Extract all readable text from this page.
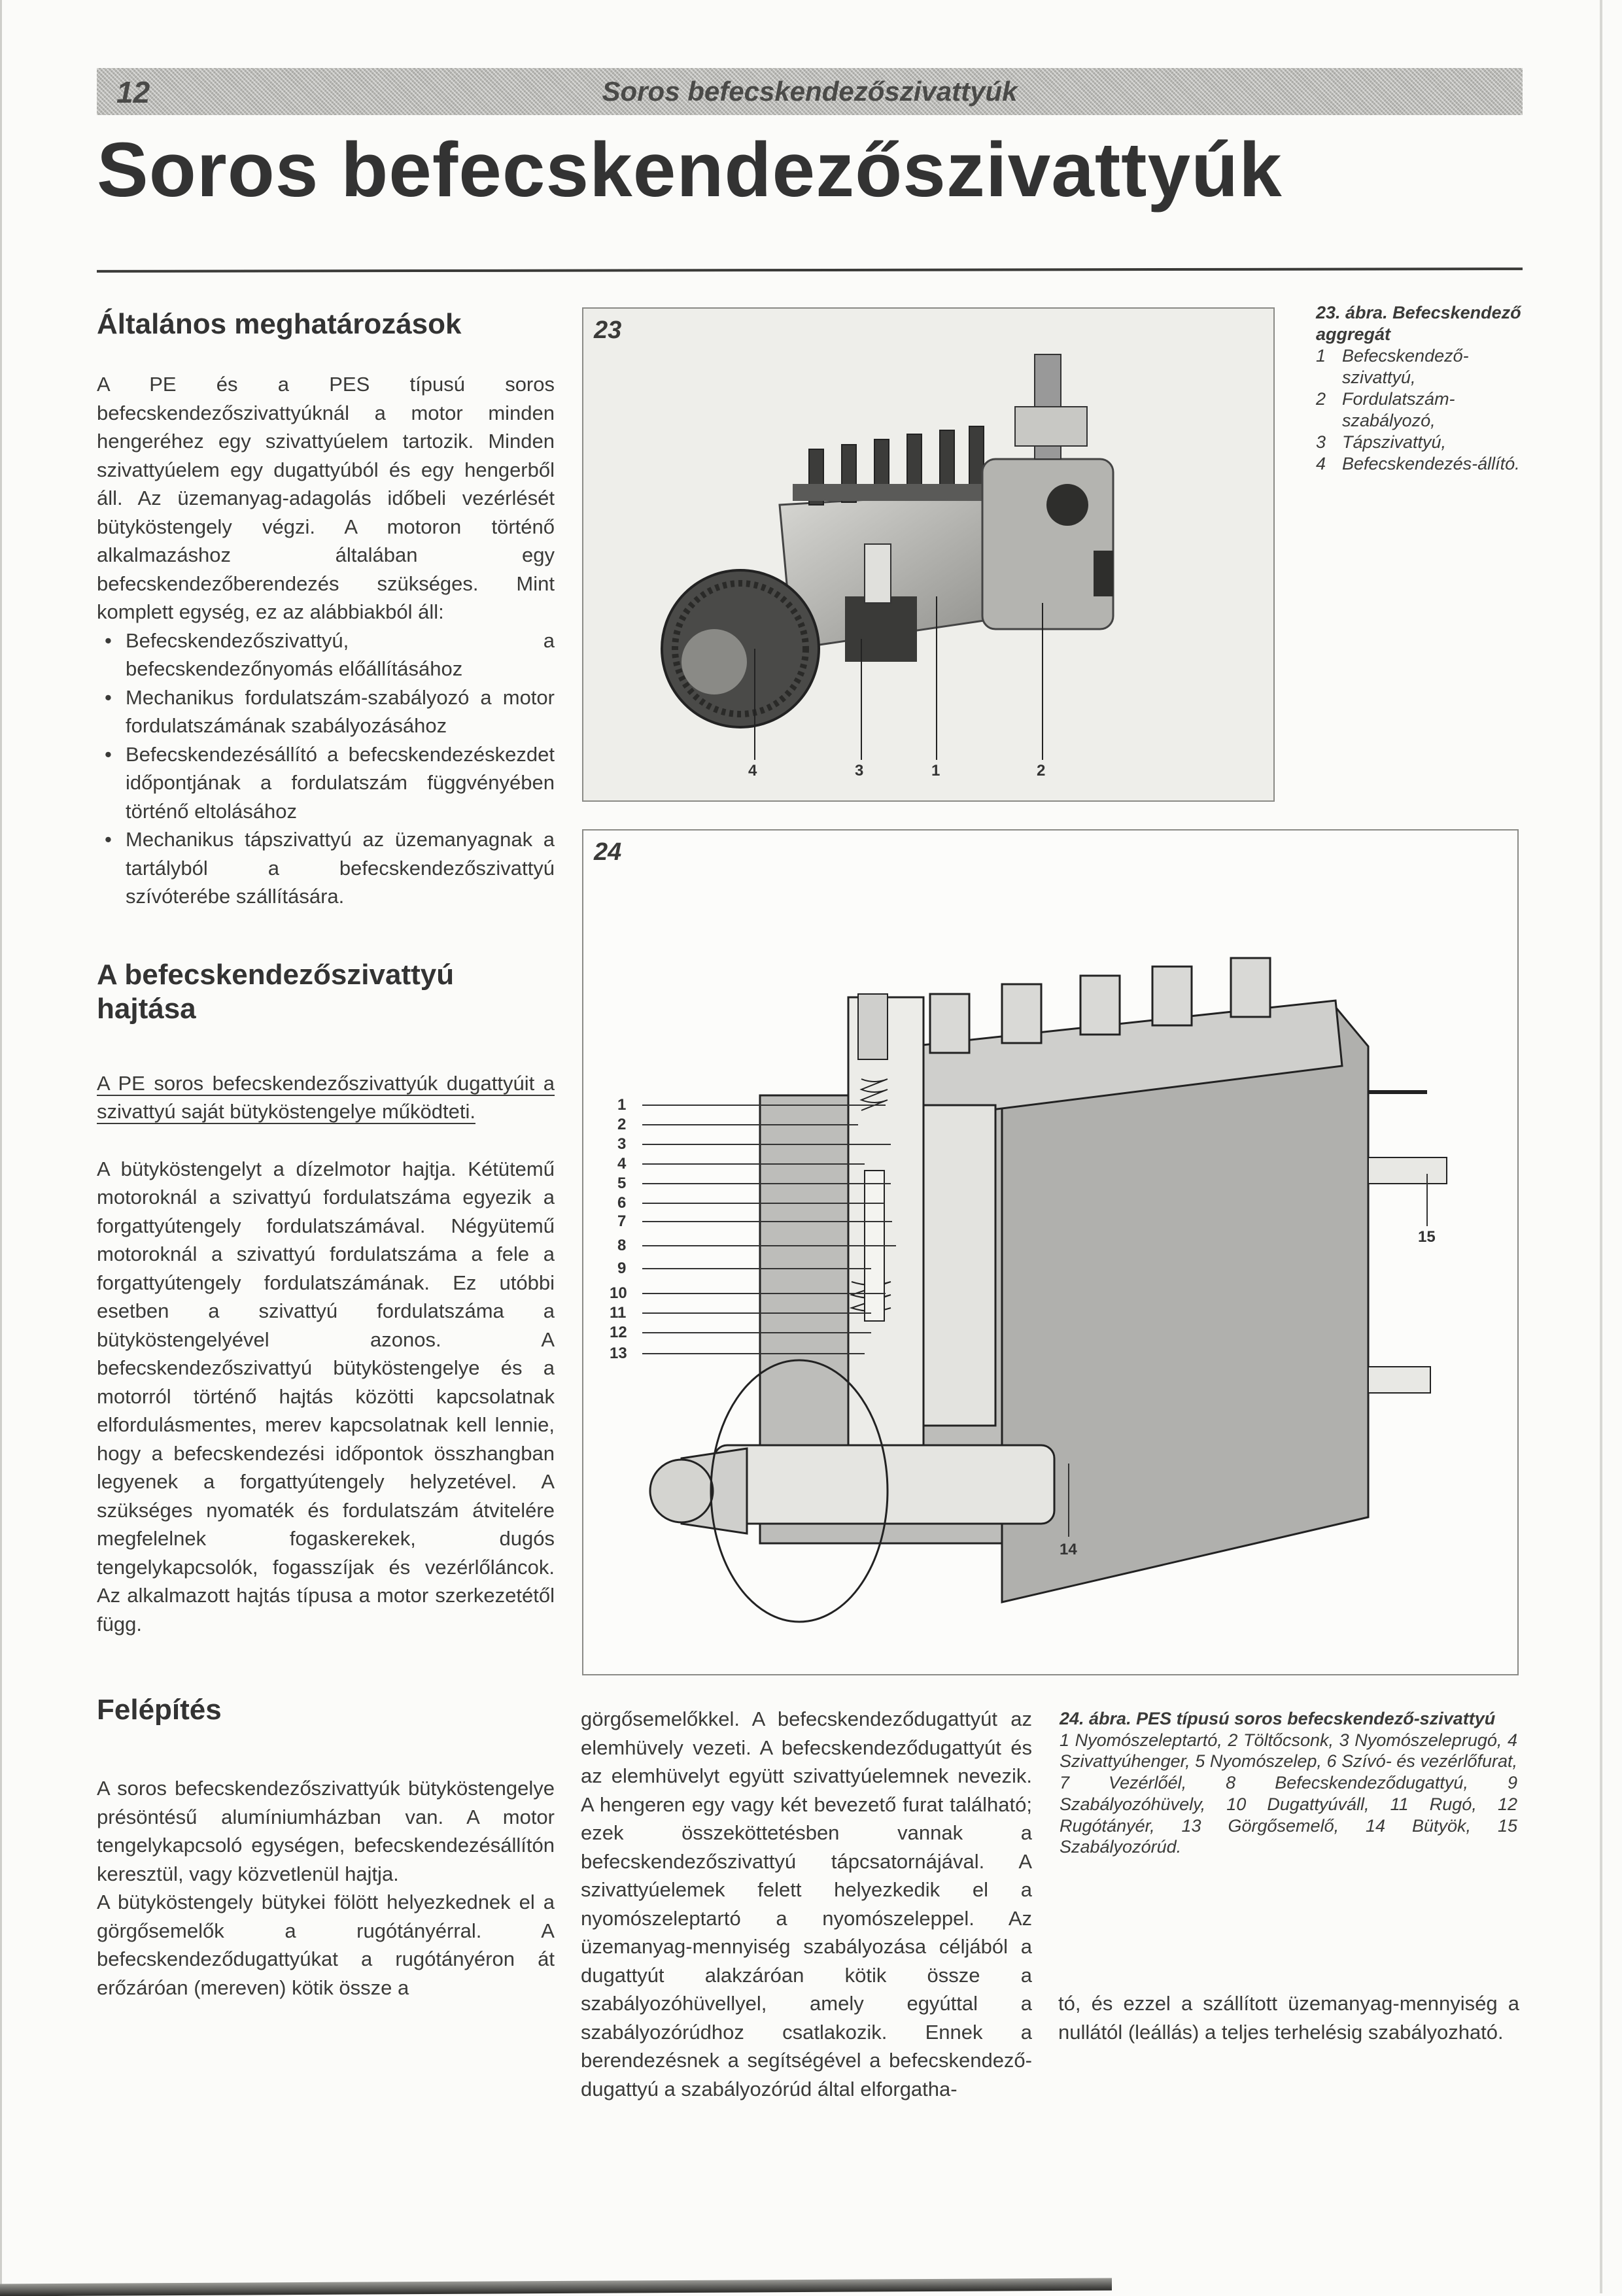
12	Soros befecskendezőszivattyúk
Soros befecskendezőszivattyúk
Általános meghatározások

A PE és a PES típusú soros befecskendezőszivattyúknál a motor minden hengeréhez egy szivattyúelem tartozik. Minden szivattyúelem egy dugattyúból és egy hengerből áll. Az üzemanyag-adagolás időbeli vezérlését bütyköstengely végzi. A motoron történő alkalmazáshoz általában egy befecskendezőberendezés szükséges. Mint komplett egység, ez az alábbiakból áll:

• Befecskendezőszivattyú, a befecskendezőnyomás előállításához
• Mechanikus fordulatszám-szabályozó a motor fordulatszámának szabályozásához
• Befecskendezésállító a befecskendezéskezdet időpontjának a fordulatszám függvényében történő eltolásához
• Mechanikus tápszivattyú az üzemanyagnak a tartályból a befecskendezőszivattyú szívóterébe szállítására.
A befecskendezőszivattyú hajtása

A PE soros befecskendezőszivattyúk dugattyúit a szivattyú saját bütyköstengelye működteti.

A bütyköstengelyt a dízelmotor hajtja. Kétütemű motoroknál a szivattyú fordulatszáma egyezik a forgattyútengely fordulatszámával. Négyütemű motoroknál a szivattyú fordulatszáma a fele a forgattyútengely fordulatszámának. Ez utóbbi esetben a szivattyú fordulatszáma a bütyköstengelyével azonos. A befecskendezőszivattyú bütyköstengelye és a motorról történő hajtás közötti kapcsolatnak elfordulásmentes, merev kapcsolatnak kell lennie, hogy a befecskendezési időpontok összhangban legyenek a forgattyútengely helyzetével. A szükséges nyomaték és fordulatszám átvitelére megfelelnek fogaskerekek, dugós tengelykapcsolók, fogasszíjak és vezérlőláncok. Az alkalmazott hajtás típusa a motor szerkezetétől függ.

Felépítés

A soros befecskendezőszivattyúk bütyköstengelye présöntésű alumíniumházban van. A motor tengelykapcsoló egységen, befecskendezésállítón keresztül, vagy közvetlenül hajtja.

A bütyköstengely bütykei fölött helyezkednek el a görgősemelők a rugótányérral. A befecskendeződugattyúkat a rugótányéron át erőzáróan (mereven) kötik össze a

23
4	3	1	2

23. ábra. Befecskendező aggregát

1 Befecskendező-szivattyú,
2 Fordulatszám-szabályozó,
3 Tápszivattyú,
4 Befecskendezés-állító.
24
1
2
3
4
5
6
7
8
9
10
11
12
13
14
15

görgősemelőkkel. A befecskendeződugattyút az elemhüvely vezeti. A befecskendeződugattyút és az elemhüvelyt együtt szivattyúelemnek nevezik. A hengeren egy vagy két bevezető furat található; ezek összeköttetésben vannak a befecskendezőszivattyú tápcsatornájával. A szivattyúelemek felett helyezkedik el a nyomószeleptartó a nyomószeleppel. Az üzemanyag-mennyiség szabályozása céljából a dugattyút alakzáróan kötik össze a szabályozóhüvellyel, amely egyúttal a szabályozórúdhoz csatlakozik. Ennek a berendezésnek a segítségével a befecskendező-dugattyú a szabályozórúd által elforgatha-

24. ábra. PES típusú soros befecskendező-szivattyú

1 Nyomószeleptartó, 2 Töltőcsonk, 3 Nyomószeleprugó, 4 Szivattyúhenger, 5 Nyomószelep, 6 Szívó- és vezérlőfurat, 7 Vezérlőél, 8 Befecskendeződugattyú, 9 Szabályozóhüvely, 10 Dugattyúváll, 11 Rugó, 12 Rugótányér, 13 Görgősemelő, 14 Bütyök, 15 Szabályozórúd.

tó, és ezzel a szállított üzemanyag-mennyiség a nullától (leállás) a teljes terhelésig szabályozható.
